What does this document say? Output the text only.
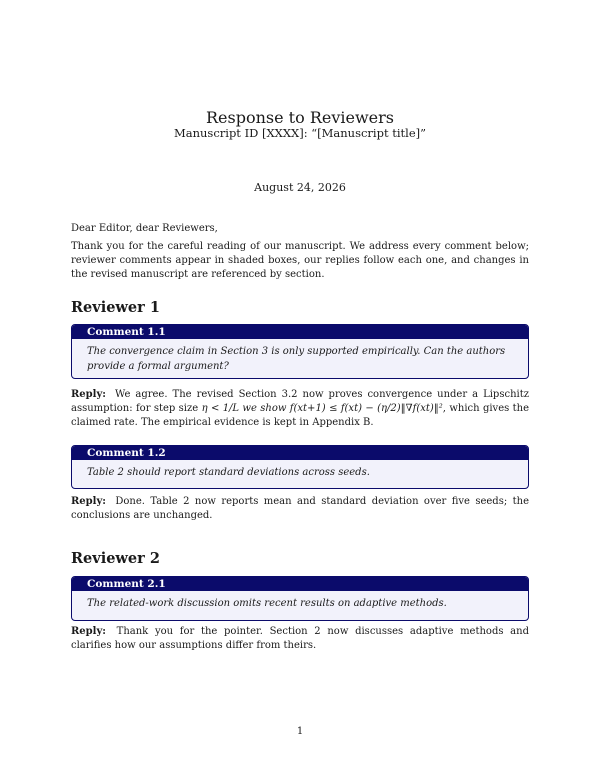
Response to Reviewers
Manuscript ID [XXXX]: “[Manuscript title]”
August 24, 2026
Dear Editor, dear Reviewers,
Thank you for the careful reading of our manuscript. We address every comment below; reviewer comments appear in shaded boxes, our replies follow each one, and changes in the revised manuscript are referenced by section.
Reviewer 1
Comment 1.1
The convergence claim in Section 3 is only supported empirically. Can the authors provide a formal argument?
Reply: We agree. The revised Section 3.2 now proves convergence under a Lipschitz assumption: for step size η < 1/L we show f(xt+1) ≤ f(xt) − (η/2)‖∇f(xt)‖², which gives the claimed rate. The empirical evidence is kept in Appendix B.
Comment 1.2
Table 2 should report standard deviations across seeds.
Reply: Done. Table 2 now reports mean and standard deviation over five seeds; the conclusions are unchanged.
Reviewer 2
Comment 2.1
The related-work discussion omits recent results on adaptive methods.
Reply: Thank you for the pointer. Section 2 now discusses adaptive methods and clarifies how our assumptions differ from theirs.
1
